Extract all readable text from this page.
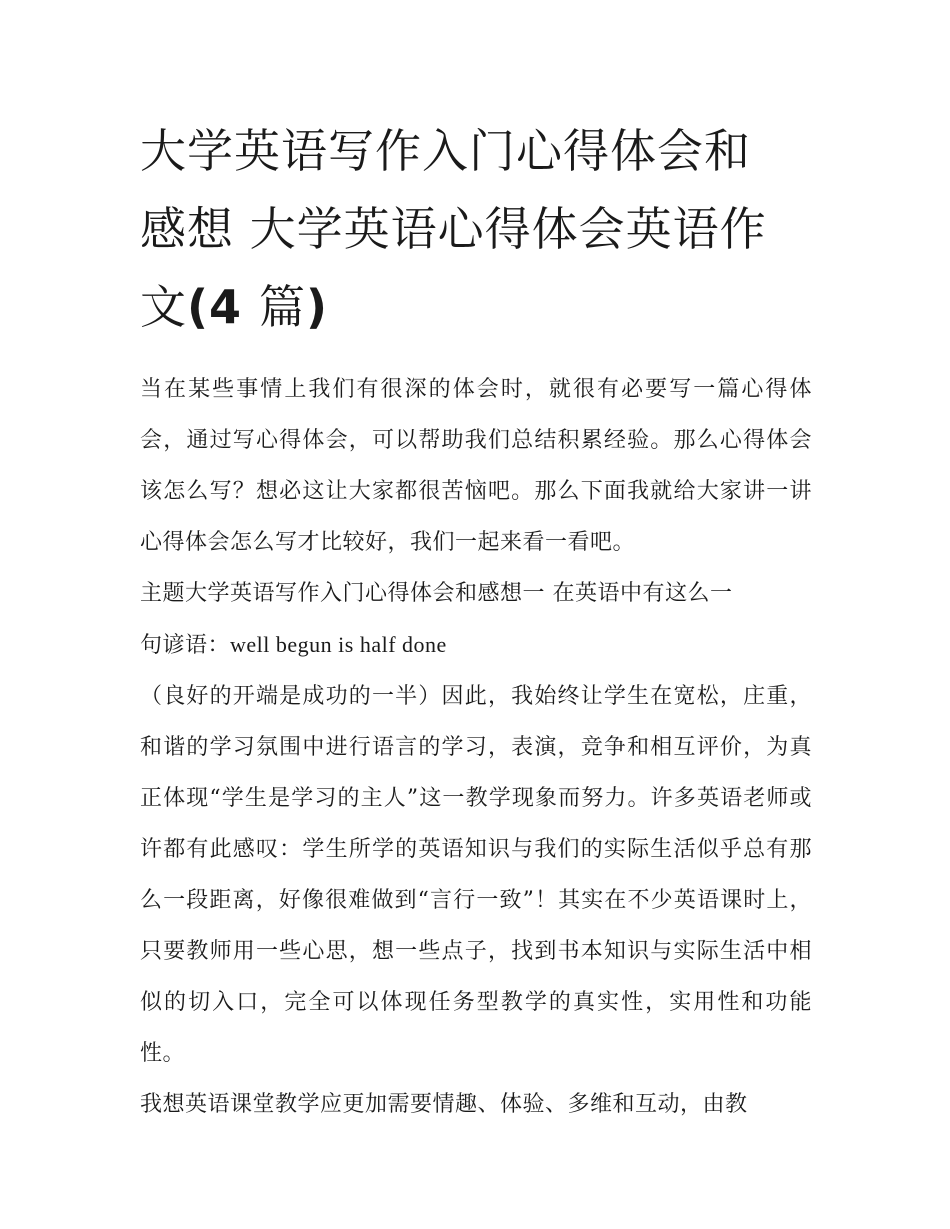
大学英语写作入门心得体会和
感想 大学英语心得体会英语作
文(4 篇)

当在某些事情上我们有很深的体会时，就很有必要写一篇心得体会，通过写心得体会，可以帮助我们总结积累经验。那么心得体会该怎么写？想必这让大家都很苦恼吧。那么下面我就给大家讲一讲心得体会怎么写才比较好，我们一起来看一看吧。

主题大学英语写作入门心得体会和感想一 在英语中有这么一

句谚语：well begun is half done

（良好的开端是成功的一半）因此，我始终让学生在宽松，庄重，和谐的学习氛围中进行语言的学习，表演，竞争和相互评价，为真正体现“学生是学习的主人”这一教学现象而努力。许多英语老师或许都有此感叹：学生所学的英语知识与我们的实际生活似乎总有那么一段距离，好像很难做到“言行一致”！其实在不少英语课时上，只要教师用一些心思，想一些点子，找到书本知识与实际生活中相似的切入口，完全可以体现任务型教学的真实性，实用性和功能性。

我想英语课堂教学应更加需要情趣、体验、多维和互动，由教
